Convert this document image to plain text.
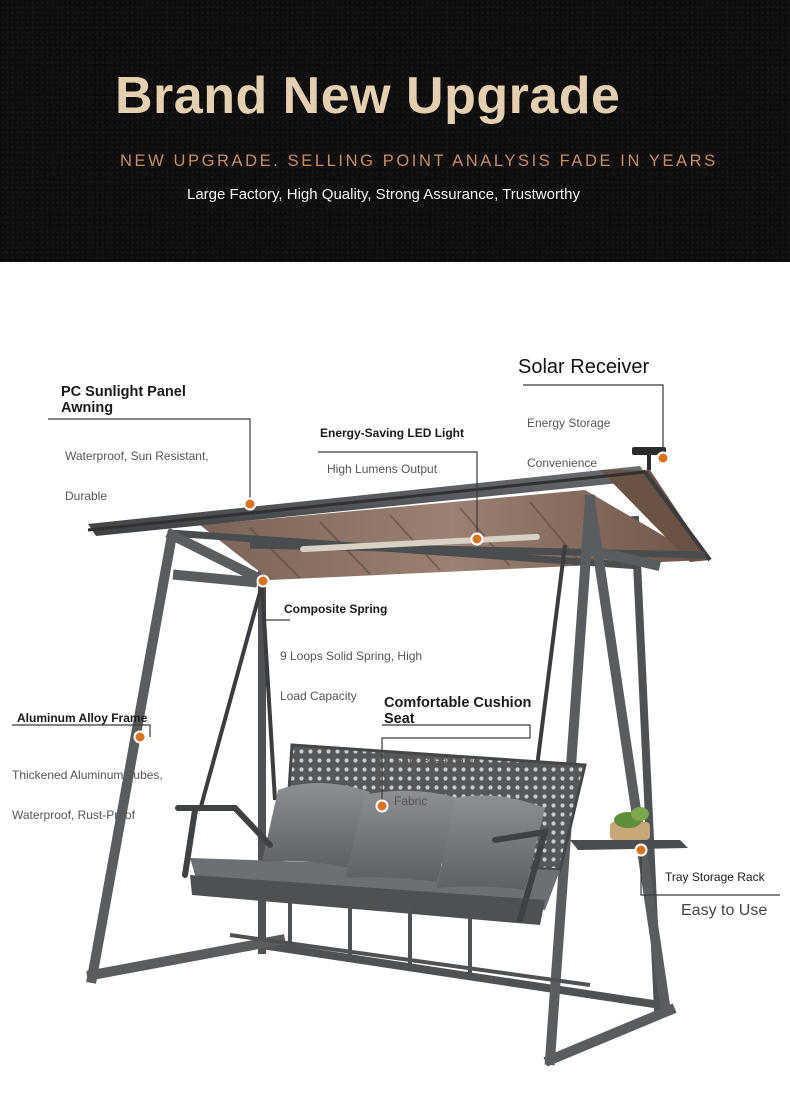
Brand New Upgrade
NEW UPGRADE. SELLING POINT ANALYSIS FADE IN YEARS
Large Factory, High Quality, Strong Assurance, Trustworthy
PC Sunlight Panel
Awning

Waterproof, Sun Resistant,

Durable

Solar Receiver

Energy Storage

Convenience

Energy-Saving LED Light
High Lumens Output
Composite Spring

9 Loops Solid Spring, High

Load Capacity

Aluminum Alloy Frame

Thickened Aluminum Tubes,

Waterproof, Rust-Proof

Comfortable Cushion
Seat

Soft, Breathable

Fabric

Tray Storage Rack
Easy to Use
